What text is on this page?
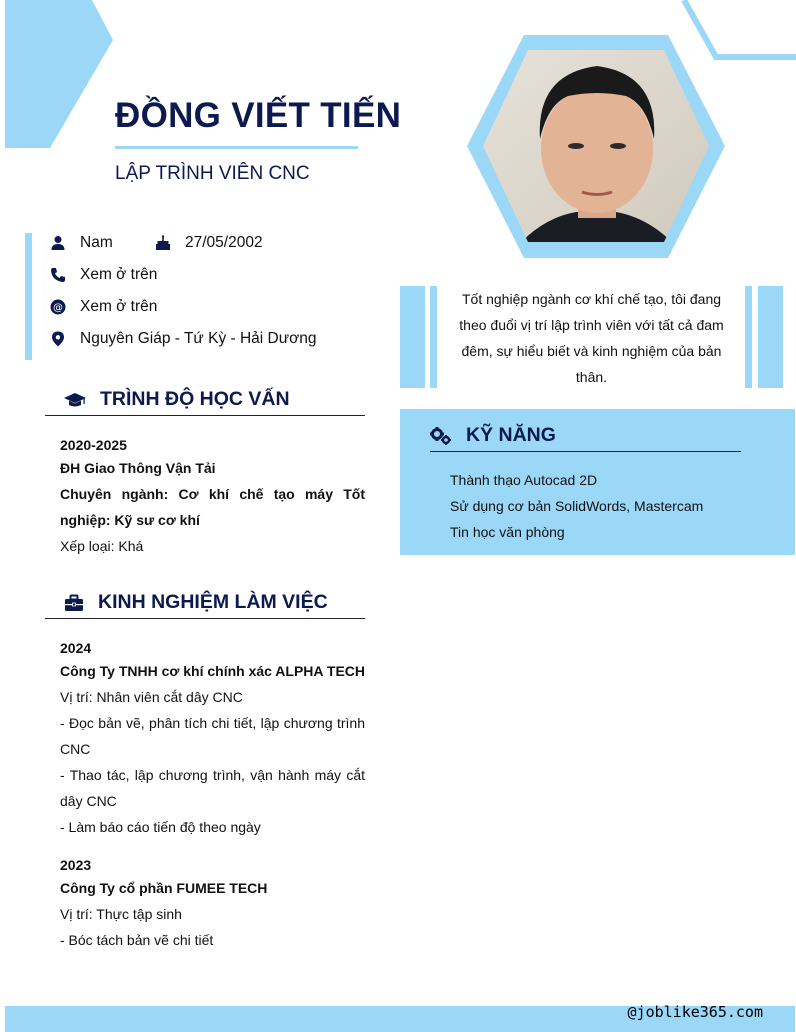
ĐỒNG VIẾT TIẾN
LẬP TRÌNH VIÊN CNC
Nam	27/05/2002
Xem ở trên
@ Xem ở trên
Nguyên Giáp - Tứ Kỳ - Hải Dương
TRÌNH ĐỘ HỌC VẤN
2020-2025
ĐH Giao Thông Vận Tải
Chuyên ngành: Cơ khí chế tạo máy Tốt nghiệp: Kỹ sư cơ khí
Xếp loại: Khá
KINH NGHIỆM LÀM VIỆC
2024
Công Ty TNHH cơ khí chính xác ALPHA TECH
Vị trí: Nhân viên cắt dây CNC
- Đọc bản vẽ, phân tích chi tiết, lập chương trình CNC
- Thao tác, lập chương trình, vận hành máy cắt dây CNC
- Làm báo cáo tiến độ theo ngày
2023
Công Ty cổ phần FUMEE TECH
Vị trí: Thực tập sinh
- Bóc tách bản vẽ chi tiết
Tốt nghiệp ngành cơ khí chế tạo, tôi đang theo đuổi vị trí lập trình viên với tất cả đam đêm, sự hiểu biết và kinh nghiệm của bản thân.
KỸ NĂNG
Thành thạo Autocad 2D
Sử dụng cơ bản SolidWords, Mastercam
Tin học văn phòng
@joblike365.com
